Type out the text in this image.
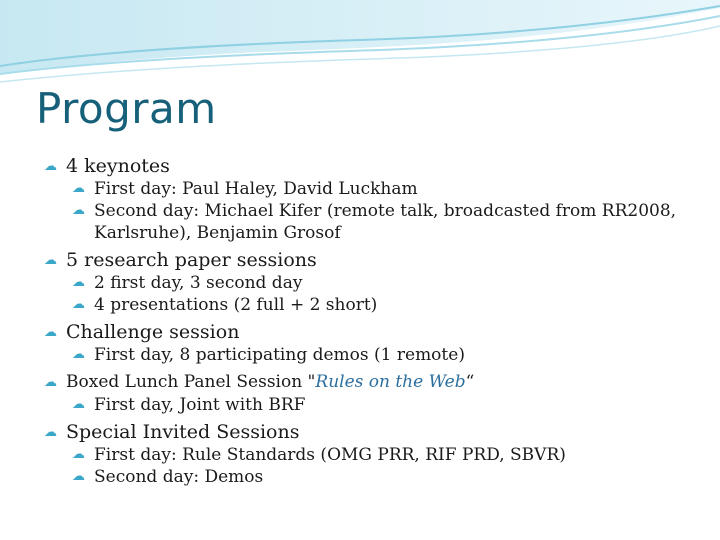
Program
☁ 4 keynotes
☁ First day: Paul Haley, David Luckham
☁ Second day: Michael Kifer (remote talk, broadcasted from RR2008, Karlsruhe), Benjamin Grosof
☁ 5 research paper sessions
☁ 2 first day, 3 second day
☁ 4 presentations (2 full + 2 short)
☁ Challenge session
☁ First day, 8 participating demos (1 remote)
☁ Boxed Lunch Panel Session "Rules on the Web“
☁ First day, Joint with BRF
☁ Special Invited Sessions
☁ First day: Rule Standards (OMG PRR, RIF PRD, SBVR)
☁ Second day: Demos
